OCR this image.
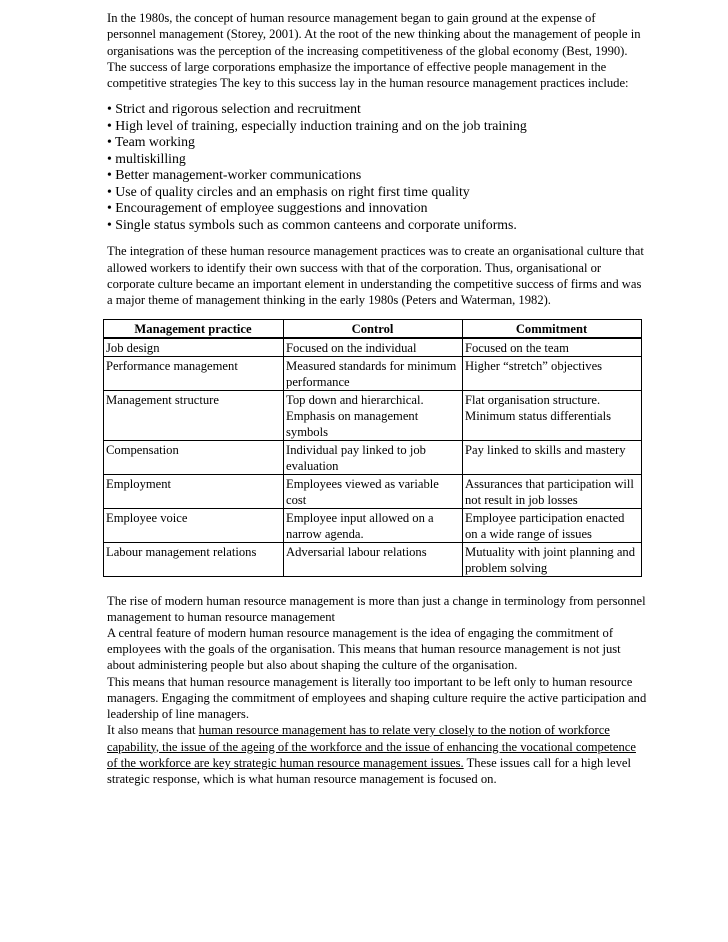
In the 1980s, the concept of human resource management began to gain ground at the expense of personnel management (Storey, 2001). At the root of the new thinking about the management of people in organisations was the perception of the increasing competitiveness of the global economy (Best, 1990). The success of large corporations emphasize the importance of effective people management in the competitive strategies The key to this success lay in the human resource management practices include:

• Strict and rigorous selection and recruitment
• High level of training, especially induction training and on the job training
• Team working
• multiskilling
• Better management-worker communications
• Use of quality circles and an emphasis on right first time quality
• Encouragement of employee suggestions and innovation
• Single status symbols such as common canteens and corporate uniforms.

The integration of these human resource management practices was to create an organisational culture that allowed workers to identify their own success with that of the corporation. Thus, organisational or corporate culture became an important element in understanding the competitive success of firms and was a major theme of management thinking in the early 1980s (Peters and Waterman, 1982).

Management practice	Control	Commitment
Job design	Focused on the individual	Focused on the team
Performance management	Measured standards for minimum performance	Higher “stretch” objectives
Management structure	Top down and hierarchical. Emphasis on management symbols	Flat organisation structure. Minimum status differentials
Compensation	Individual pay linked to job evaluation	Pay linked to skills and mastery
Employment	Employees viewed as variable cost	Assurances that participation will not result in job losses
Employee voice	Employee input allowed on a narrow agenda.	Employee participation enacted on a wide range of issues
Labour management relations	Adversarial labour relations	Mutuality with joint planning and problem solving

The rise of modern human resource management is more than just a change in terminology from personnel management to human resource management

A central feature of modern human resource management is the idea of engaging the commitment of employees with the goals of the organisation. This means that human resource management is not just about administering people but also about shaping the culture of the organisation.

This means that human resource management is literally too important to be left only to human resource managers. Engaging the commitment of employees and shaping culture require the active participation and leadership of line managers.

It also means that human resource management has to relate very closely to the notion of workforce capability, the issue of the ageing of the workforce and the issue of enhancing the vocational competence of the workforce are key strategic human resource management issues. These issues call for a high level strategic response, which is what human resource management is focused on.
